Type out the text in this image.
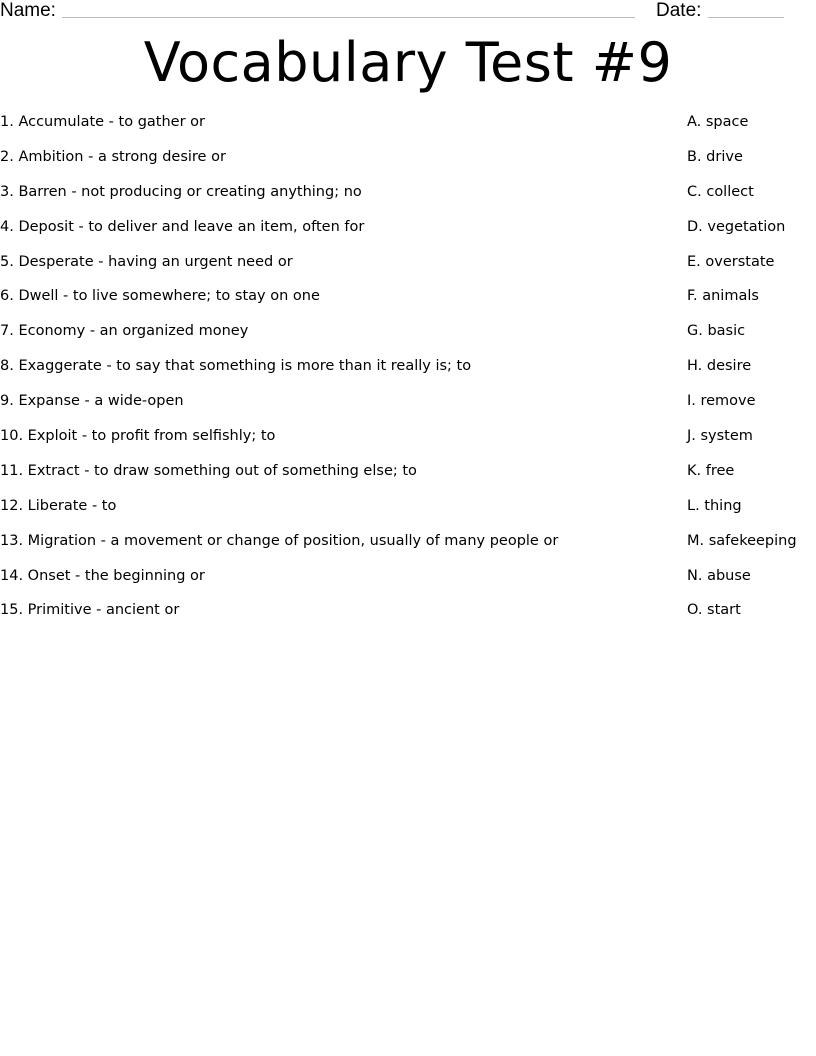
Name:	Date:
Vocabulary Test #9
1. Accumulate - to gather or
2. Ambition - a strong desire or
3. Barren - not producing or creating anything; no
4. Deposit - to deliver and leave an item, often for
5. Desperate - having an urgent need or
6. Dwell - to live somewhere; to stay on one
7. Economy - an organized money
8. Exaggerate - to say that something is more than it really is; to
9. Expanse - a wide-open
10. Exploit - to profit from selfishly; to
11. Extract - to draw something out of something else; to
12. Liberate - to
13. Migration - a movement or change of position, usually of many people or
14. Onset - the beginning or
15. Primitive - ancient or
A. space
B. drive
C. collect
D. vegetation
E. overstate
F. animals
G. basic
H. desire
I. remove
J. system
K. free
L. thing
M. safekeeping
N. abuse
O. start
